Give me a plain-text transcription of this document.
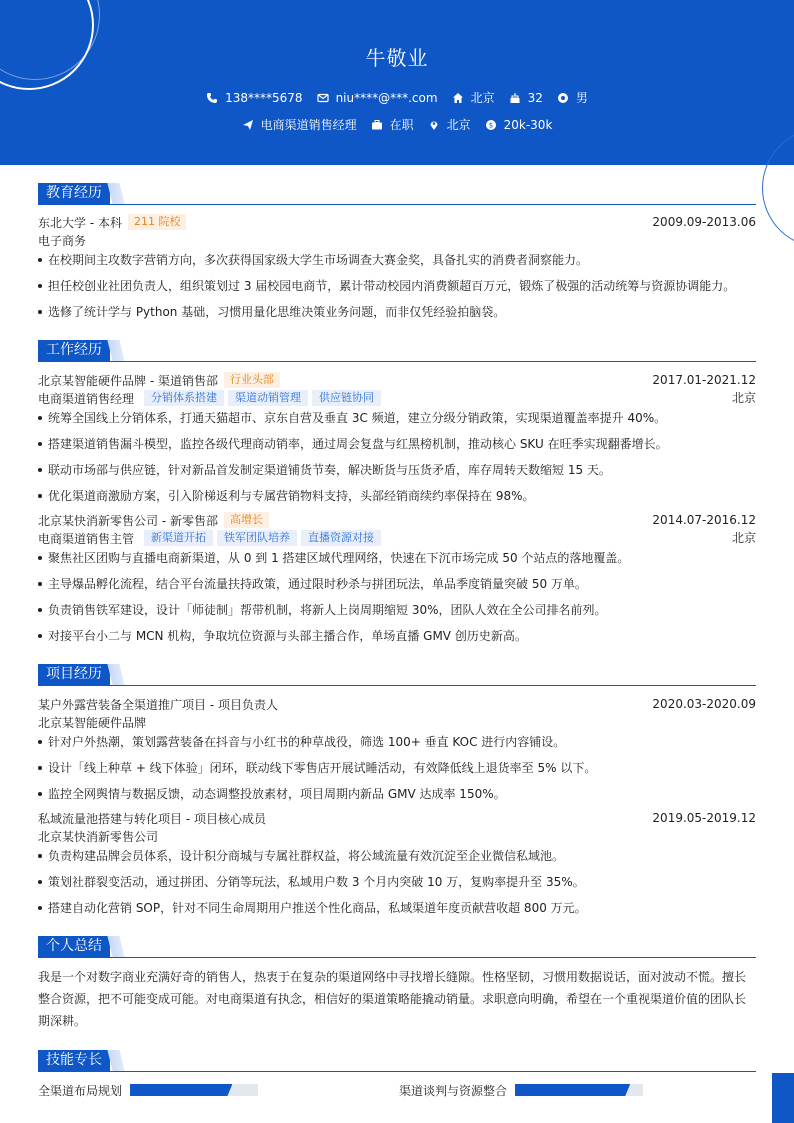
牛敬业
138****5678	niu****@***.com	北京	32	男
电商渠道销售经理	在职	北京	$ 20k-30k
教育经历
东北大学 - 本科	211 院校	2009.09-2013.06
电子商务
在校期间主攻数字营销方向，多次获得国家级大学生市场调查大赛金奖，具备扎实的消费者洞察能力。
担任校创业社团负责人，组织策划过 3 届校园电商节，累计带动校园内消费额超百万元，锻炼了极强的活动统筹与资源协调能力。
选修了统计学与 Python 基础，习惯用量化思维决策业务问题，而非仅凭经验拍脑袋。
工作经历
北京某智能硬件品牌 - 渠道销售部	行业头部	2017.01-2021.12
电商渠道销售经理	分销体系搭建	渠道动销管理	供应链协同	北京
统筹全国线上分销体系，打通天猫超市、京东自营及垂直 3C 频道，建立分级分销政策，实现渠道覆盖率提升 40%。
搭建渠道销售漏斗模型，监控各级代理商动销率，通过周会复盘与红黑榜机制，推动核心 SKU 在旺季实现翻番增长。
联动市场部与供应链，针对新品首发制定渠道铺货节奏，解决断货与压货矛盾，库存周转天数缩短 15 天。
优化渠道商激励方案，引入阶梯返利与专属营销物料支持，头部经销商续约率保持在 98%。
北京某快消新零售公司 - 新零售部	高增长	2014.07-2016.12
电商渠道销售主管	新渠道开拓	铁军团队培养	直播资源对接	北京
聚焦社区团购与直播电商新渠道，从 0 到 1 搭建区域代理网络，快速在下沉市场完成 50 个站点的落地覆盖。
主导爆品孵化流程，结合平台流量扶持政策，通过限时秒杀与拼团玩法，单品季度销量突破 50 万单。
负责销售铁军建设，设计「师徒制」帮带机制，将新人上岗周期缩短 30%，团队人效在全公司排名前列。
对接平台小二与 MCN 机构，争取坑位资源与头部主播合作，单场直播 GMV 创历史新高。
项目经历
某户外露营装备全渠道推广项目 - 项目负责人	2020.03-2020.09
北京某智能硬件品牌
针对户外热潮，策划露营装备在抖音与小红书的种草战役，筛选 100+ 垂直 KOC 进行内容铺设。
设计「线上种草 + 线下体验」闭环，联动线下零售店开展试睡活动，有效降低线上退货率至 5% 以下。
监控全网舆情与数据反馈，动态调整投放素材，项目周期内新品 GMV 达成率 150%。
私域流量池搭建与转化项目 - 项目核心成员	2019.05-2019.12
北京某快消新零售公司
负责构建品牌会员体系，设计积分商城与专属社群权益，将公域流量有效沉淀至企业微信私域池。
策划社群裂变活动，通过拼团、分销等玩法，私域用户数 3 个月内突破 10 万，复购率提升至 35%。
搭建自动化营销 SOP，针对不同生命周期用户推送个性化商品，私域渠道年度贡献营收超 800 万元。
个人总结
我是一个对数字商业充满好奇的销售人，热衷于在复杂的渠道网络中寻找增长缝隙。性格坚韧，习惯用数据说话，面对波动不慌。擅长
整合资源，把不可能变成可能。对电商渠道有执念，相信好的渠道策略能撬动销量。求职意向明确，希望在一个重视渠道价值的团队长
期深耕。
技能专长
全渠道布局规划	渠道谈判与资源整合
